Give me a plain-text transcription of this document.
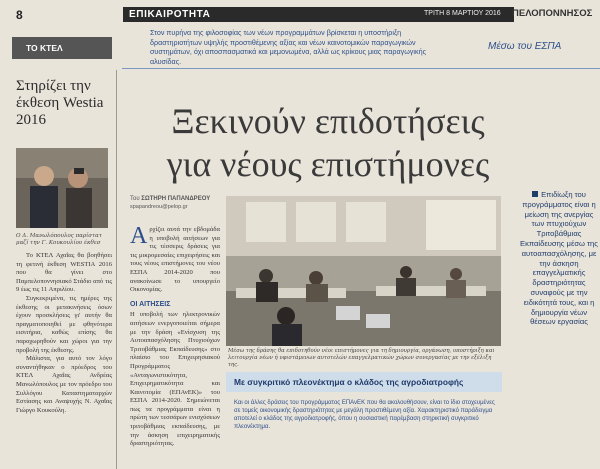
8	ΕΠΙΚΑΙΡΟΤΗΤΑ	ΤΡΙΤΗ 8 ΜΑΡΤΙΟΥ 2016 ΠΕΛΟΠΟΝΝΗΣΟΣ
Στον πυρήνα της φιλοσοφίας των νέων προγραμμάτων βρίσκεται η υποστήριξη δραστηριοτήτων υψηλής προστιθέμενης αξίας και νέων καινοτομικών παραγωγικών συστημάτων, όχι αποσπασματικά και μεμονωμένα, αλλά ως κρίκους μιας παραγωγικής αλυσίδας.
Μέσω του ΕΣΠΑ
ΤΟ ΚΤΕΛ
Στηρίζει την έκθεση Westia 2016
Ο Δ. Μανωλόπουλος παρίστατ μαζί την Γ. Κουκουλίου έκθεσ

Το ΚΤΕΛ Αχαΐας θα βοηθήσει τη φετινή έκθεση WESTIA 2016 που θα γίνει στο Παμπελοποννησιακό Στάδιο από τις 9 έως τις 11 Απριλίου.

Συγκεκριμένα, τις ημέρες της έκθεσης οι μετακινήσεις όσων έχουν προσκλήσεις γι' αυτήν θα πραγματοποιηθεί με φθηνότερα εισιτήρια, καθώς επίσης θα παραχωρηθούν και χώροι για την προβολή της έκθεσης.

Μάλιστα, για αυτό τον λόγο συναντήθηκαν ο πρόεδρος του ΚΤΕΛ Αχαΐας Ανδρέας Μανωλόπουλος με τον πρόεδρο του Συλλόγου Καταστηματαρχών Εστίασης και Αναψυχής Ν. Αχαΐας Γιώργο Κουκούλη.

Ξεκινούν επιδοτήσεις
για νέους επιστήμονες
Του ΣΩΤΗΡΗ ΠΑΠΑΝΔΡΕΟΥ
spapandreou@pelop.gr

Αρχίζει αυτά την εβδομάδα η υποβολή αιτήσεων για τις τέσσερις δράσεις για τις μικρομεσαίες επιχειρήσεις και τους νέους επιστήμονες του νέου ΕΣΠΑ 2014-2020 που ανακοίνωσε το υπουργείο Οικονομίας.

ΟΙ ΑΙΤΗΣΕΙΣ

Η υποβολή των ηλεκτρονικών αιτήσεων ενεργοποιείται σήμερα με την δράση «Ενίσχυση της Αυτοαπασχόλησης Πτυχιούχων Τριτοβάθμιας Εκπαίδευσης» στο πλαίσιο του Επιχειρησιακού Προγράμματος «Ανταγωνιστικότητα, Επιχειρηματικότητα και Καινοτομία (ΕΠΑνΕΚ)» του ΕΣΠΑ 2014-2020. Σημειώνεται πως τα προγράμματα είναι η πρώτη των τεσσάρων ενισχύσεων τριτοβάθμιας εκπαίδευσης, με την άσκηση επιχειρηματικής δραστηριότητας.

Μέσω της δράσης θα επιδοτηθούν νέοι επιστήμονες για τη δημιουργία, οργάνωση, υποστήριξη και λειτουργία νέων ή υφιστάμενων αυτοτελών επαγγελματικών χώρων συνεργασίας με την εξέλιξη της.
Με συγκριτικό πλεονέκτημα ο κλάδος της αγροδιατροφής
Και οι άλλες δράσεις του προγράμματος ΕΠΑνΕΚ που θα ακολουθήσουν, είναι το ίδιο στοχευμένες σε τομείς οικονομικής δραστηριότητας με μεγάλη προστιθέμενη αξία. Χαρακτηριστικό παράδειγμα αποτελεί ο κλάδος της αγροδιατροφής, όπου η ουσιαστική παρέμβαση στηρικτική συγκριτικό πλεονέκτημα.
Επιδίωξη του προγράμματος είναι η μείωση της ανεργίας των πτυχιούχων Τριτοβάθμιας Εκπαίδευσης μέσω της αυτοαπασχόλησης, με την άσκηση επαγγελματικής δραστηριότητας συναφούς με την ειδικότητά τους, και η δημιουργία νέων θέσεων εργασίας
